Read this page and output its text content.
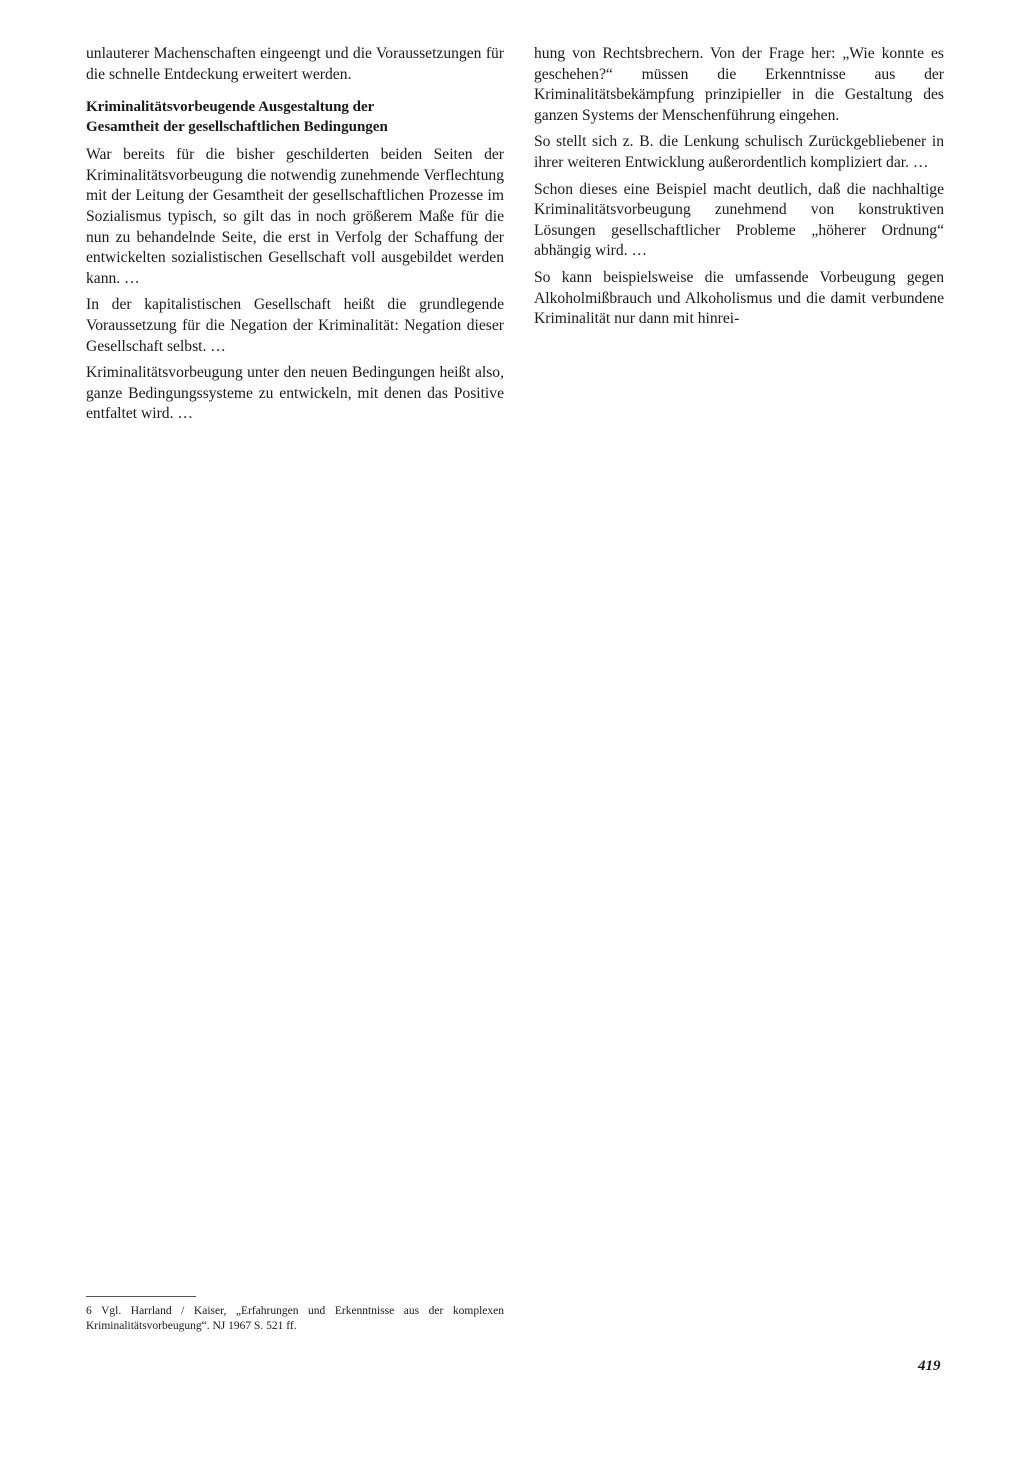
unlauterer Machenschaften eingeengt und die Voraussetzungen für die schnelle Entdeckung erweitert werden.

Kriminalitätsvorbeugende Ausgestaltung der
Gesamtheit der gesellschaftlichen Bedingungen

War bereits für die bisher geschilderten beiden Seiten der Kriminalitätsvorbeugung die notwendig zunehmende Verflechtung mit der Leitung der Gesamtheit der gesellschaftlichen Prozesse im Sozialismus typisch, so gilt das in noch größerem Maße für die nun zu behandelnde Seite, die erst in Verfolg der Schaffung der entwickelten sozialistischen Gesellschaft voll ausgebildet werden kann. …

In der kapitalistischen Gesellschaft heißt die grundlegende Voraussetzung für die Negation der Kriminalität: Negation dieser Gesellschaft selbst. …

Kriminalitätsvorbeugung unter den neuen Bedingungen heißt also, ganze Bedingungssysteme zu entwickeln, mit denen das Positive entfaltet wird. …

hung von Rechtsbrechern. Von der Frage her: „Wie konnte es geschehen?“ müssen die Erkenntnisse aus der Kriminalitätsbekämpfung prinzipieller in die Gestaltung des ganzen Systems der Menschenführung eingehen.

So stellt sich z. B. die Lenkung schulisch Zurückgebliebener in ihrer weiteren Entwicklung außerordentlich kompliziert dar. …

Schon dieses eine Beispiel macht deutlich, daß die nachhaltige Kriminalitätsvorbeugung zunehmend von konstruktiven Lösungen gesellschaftlicher Probleme „höherer Ordnung“ abhängig wird. …

So kann beispielsweise die umfassende Vorbeugung gegen Alkoholmißbrauch und Alkoholismus und die damit verbundene Kriminalität nur dann mit hinrei-

6 Vgl. Harrland / Kaiser, „Erfahrungen und Erkenntnisse aus der komplexen Kriminalitätsvorbeugung“. NJ 1967 S. 521 ff.
419
